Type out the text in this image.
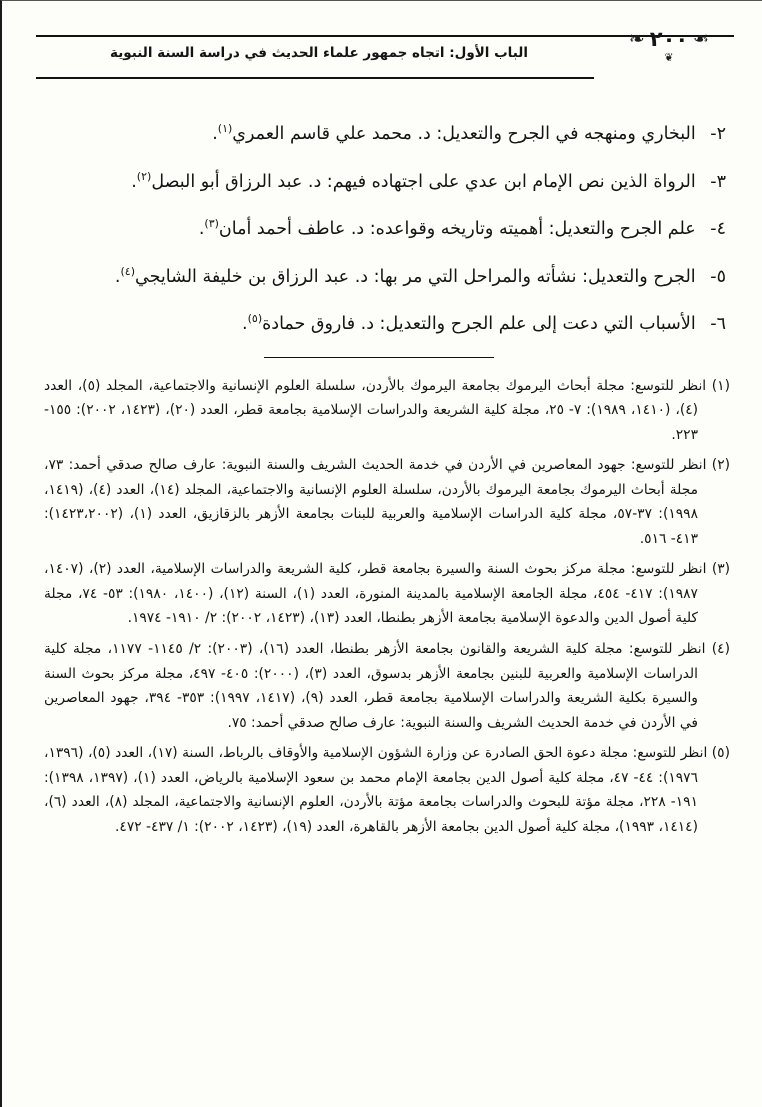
الباب الأول: اتجاه جمهور علماء الحديث في دراسة السنة النبوية
❧
٢٠٠
❧
❦

٢- البخاري ومنهجه في الجرح والتعديل: د. محمد علي قاسم العمري$^{(١)}$.

٣- الرواة الذين نص الإمام ابن عدي على اجتهاده فيهم: د. عبد الرزاق أبو البصل$^{(٢)}$.

٤- علم الجرح والتعديل: أهميته وتاريخه وقواعده: د. عاطف أحمد أمان$^{(٣)}$.

٥- الجرح والتعديل: نشأته والمراحل التي مر بها: د. عبد الرزاق بن خليفة الشايجي$^{(٤)}$.

٦- الأسباب التي دعت إلى علم الجرح والتعديل: د. فاروق حمادة$^{(٥)}$.

(١) انظر للتوسع: مجلة أبحاث اليرموك بجامعة اليرموك بالأردن، سلسلة العلوم الإنسانية والاجتماعية، المجلد (٥)، العدد (٤)، (١٤١٠، ١٩٨٩): ٧- ٢٥، مجلة كلية الشريعة والدراسات الإسلامية بجامعة قطر، العدد (٢٠)، (١٤٢٣، ٢٠٠٢): ١٥٥- ٢٢٣.

(٢) انظر للتوسع: جهود المعاصرين في الأردن في خدمة الحديث الشريف والسنة النبوية: عارف صالح صدقي أحمد: ٧٣، مجلة أبحاث اليرموك بجامعة اليرموك بالأردن، سلسلة العلوم الإنسانية والاجتماعية، المجلد (١٤)، العدد (٤)، (١٤١٩، ١٩٩٨): ٣٧-٥٧، مجلة كلية الدراسات الإسلامية والعربية للبنات بجامعة الأزهر بالزقازيق، العدد (١)، (١٤٢٣،٢٠٠٢): ٤١٣- ٥١٦.

(٣) انظر للتوسع: مجلة مركز بحوث السنة والسيرة بجامعة قطر، كلية الشريعة والدراسات الإسلامية، العدد (٢)، (١٤٠٧، ١٩٨٧): ٤١٧- ٤٥٤، مجلة الجامعة الإسلامية بالمدينة المنورة، العدد (١)، السنة (١٢)، (١٤٠٠، ١٩٨٠): ٥٣- ٧٤، مجلة كلية أصول الدين والدعوة الإسلامية بجامعة الأزهر بطنطا، العدد (١٣)، (١٤٢٣، ٢٠٠٢): ٢/ ١٩١٠- ١٩٧٤.

(٤) انظر للتوسع: مجلة كلية الشريعة والقانون بجامعة الأزهر بطنطا، العدد (١٦)، (٢٠٠٣): ٢/ ١١٤٥- ١١٧٧، مجلة كلية الدراسات الإسلامية والعربية للبنين بجامعة الأزهر بدسوق، العدد (٣)، (٢٠٠٠): ٤٠٥- ٤٩٧، مجلة مركز بحوث السنة والسيرة بكلية الشريعة والدراسات الإسلامية بجامعة قطر، العدد (٩)، (١٤١٧، ١٩٩٧): ٣٥٣- ٣٩٤، جهود المعاصرين في الأردن في خدمة الحديث الشريف والسنة النبوية: عارف صالح صدقي أحمد: ٧٥.

(٥) انظر للتوسع: مجلة دعوة الحق الصادرة عن وزارة الشؤون الإسلامية والأوقاف بالرباط، السنة (١٧)، العدد (٥)، (١٣٩٦، ١٩٧٦): ٤٤- ٤٧، مجلة كلية أصول الدين بجامعة الإمام محمد بن سعود الإسلامية بالرياض، العدد (١)، (١٣٩٧، ١٣٩٨): ١٩١- ٢٢٨، مجلة مؤتة للبحوث والدراسات بجامعة مؤتة بالأردن، العلوم الإنسانية والاجتماعية، المجلد (٨)، العدد (٦)، (١٤١٤، ١٩٩٣)، مجلة كلية أصول الدين بجامعة الأزهر بالقاهرة، العدد (١٩)، (١٤٢٣، ٢٠٠٢): ١/ ٤٣٧- ٤٧٢.
